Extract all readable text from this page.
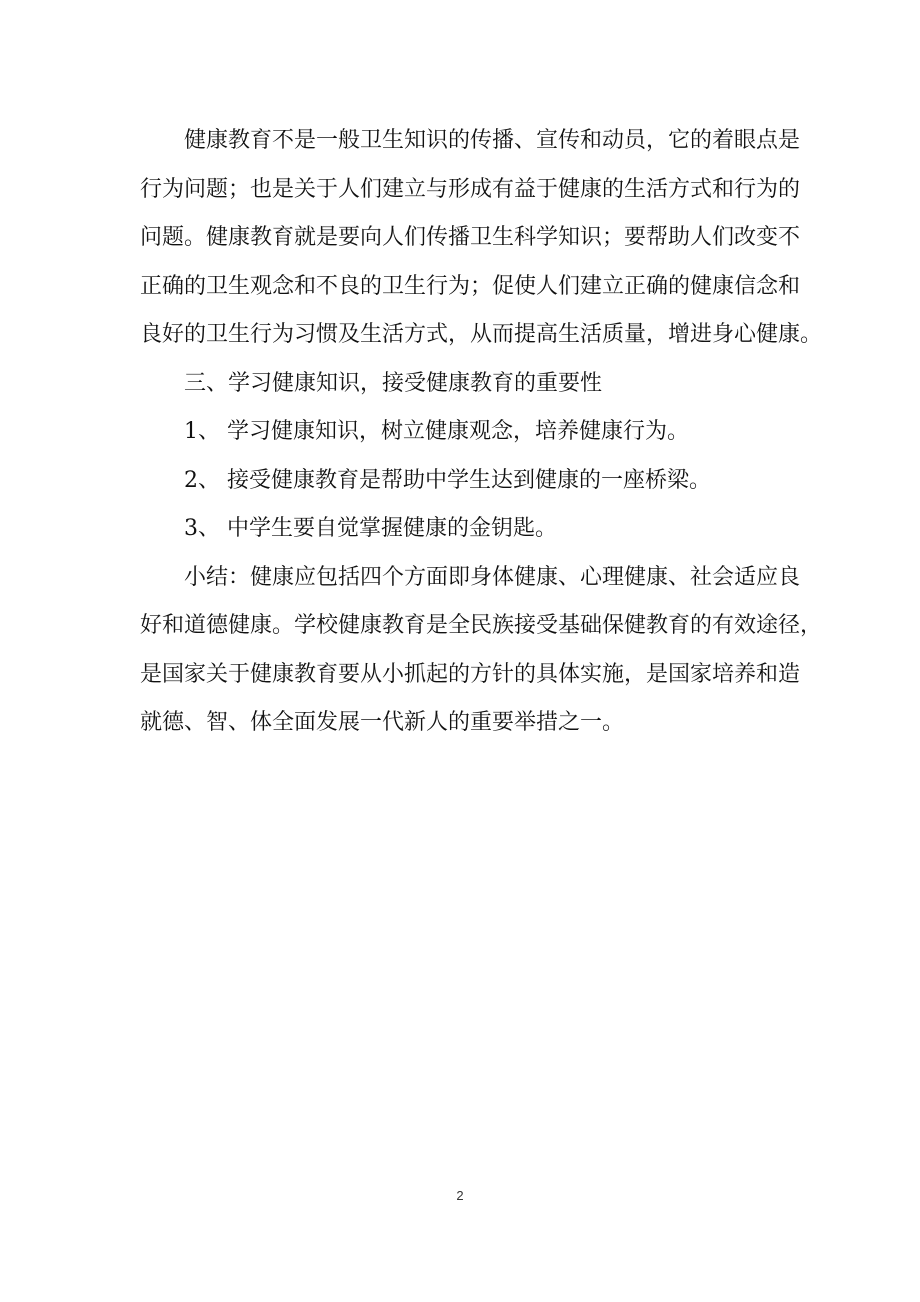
健康教育不是一般卫生知识的传播、宣传和动员，它的着眼点是
行为问题；也是关于人们建立与形成有益于健康的生活方式和行为的
问题。健康教育就是要向人们传播卫生科学知识；要帮助人们改变不
正确的卫生观念和不良的卫生行为；促使人们建立正确的健康信念和
良好的卫生行为习惯及生活方式，从而提高生活质量，增进身心健康。
三、学习健康知识，接受健康教育的重要性
1、 学习健康知识，树立健康观念，培养健康行为。
2、 接受健康教育是帮助中学生达到健康的一座桥梁。
3、 中学生要自觉掌握健康的金钥匙。
小结：健康应包括四个方面即身体健康、心理健康、社会适应良
好和道德健康。学校健康教育是全民族接受基础保健教育的有效途径，
是国家关于健康教育要从小抓起的方针的具体实施，是国家培养和造
就德、智、体全面发展一代新人的重要举措之一。
2
